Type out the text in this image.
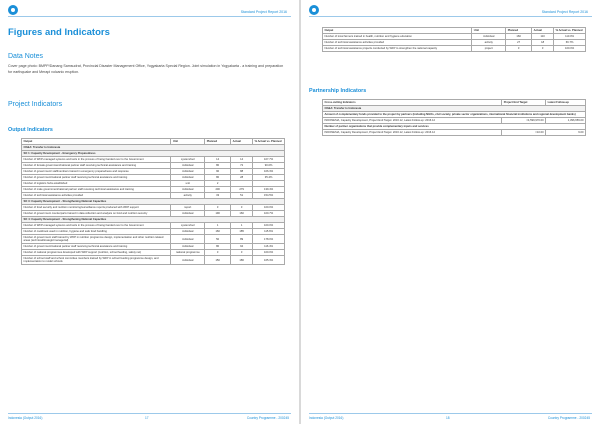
Standard Project Report 2016
Figures and Indicators
Data Notes
Cover page photo: BMPP/Danang Samsudrat, Provincial Disaster Management Office, Yogyakarta Special Region. Joint simulation in Yogyakarta - a training and preparation for earthquake and Merapi volcanic eruption.
Project Indicators
Output Indicators
Output	Unit	Planned	Actual	% Actual vs. Planned
CD&A: Transfer to Indonesia				
SO 1: Capacity Development - Emergency Preparedness				
Number of WFP-managed systems and tools in the process of being handed over to the Government	system/tool	14	14	107.7%
Number of female government/national partner staff receiving technical assistance and training	individual	80	72	90.0%
Number of government/ staffmembers trained in emergency preparedness and response	individual	90	88	106.3%
Number of government/national partner staff receiving technical assistance and training	individual	80	28	35.4%
Number of logistics hubs established	unit	2		
Number of male government/national partner staff receiving technical assistance and training	individual	200	279	139.4%
Number of technical assistance activities provided	activity	33	51	154.5%
SO 3: Capacity Development - Strengthening National Capacities				
Number of food security and nutrition monitoring/surveillance reports produced with WFP support	report	3	3	100.0%
Number of government counterparts trained in data collection and analysis on food and nutrition security	individual	190	160	100.7%
SO 4: Capacity Development - Strengthening National Capacities				
Number of WFP-managed systems and tools in the process of being handed over to the Government	system/tool	1	1	100.0%
Number of cookbook used in nutrition, hygiene and safe food handling	individual	160	185	115.6%
Number of government staff trained by WFP in nutrition programme design, implementation and other nutrition related areas (technical/strategic/managerial)	individual	50	89	178.0%
Number of government/national partner staff receiving technical assistance and training	individual	80	94	116.4%
Number of national programmes developed with WFP support (nutrition, school feeding, safety net)	national programme	3	3	100.0%
Number of school staff and school committee members trained by WFP in school feeding programme design, and implementation to model schools	individual	150	186	165.3%
Indonesia (Output 2016)	17	Country Programme - 200245
Standard Project Report 2016
Output	Unit	Planned	Actual	% Actual vs. Planned
Number of local farmers trained in health, nutrition and hygiene education	individual	160	110	110.0%
Number of technical assistance activities provided	activity	27	18	66.7%
Number of technical assistance projects conducted by WFP to strengthen the national capacity	project	3	3	100.0%
Partnership Indicators
Cross-cutting Indicators	Project End Target	Latest Follow-up
CD&A: Transfer to Indonesia		
Amount of complementary funds provided to the project by partners (including NGOs, civil society, private sector organizations, international financial institutions and regional development banks)		
INDONESIA, Capacity Development, Project End Target: 2016.12, Latest Follow-up: 2016.12	=4,599,970.00	1,396,659.00
Number of partner organizations that provide complementary inputs and services		
INDONESIA, Capacity Development, Project End Target: 2016.12, Latest Follow-up: 2016.12	=10.00	9.00
Indonesia (Output 2016)	18	Country Programme - 200245
